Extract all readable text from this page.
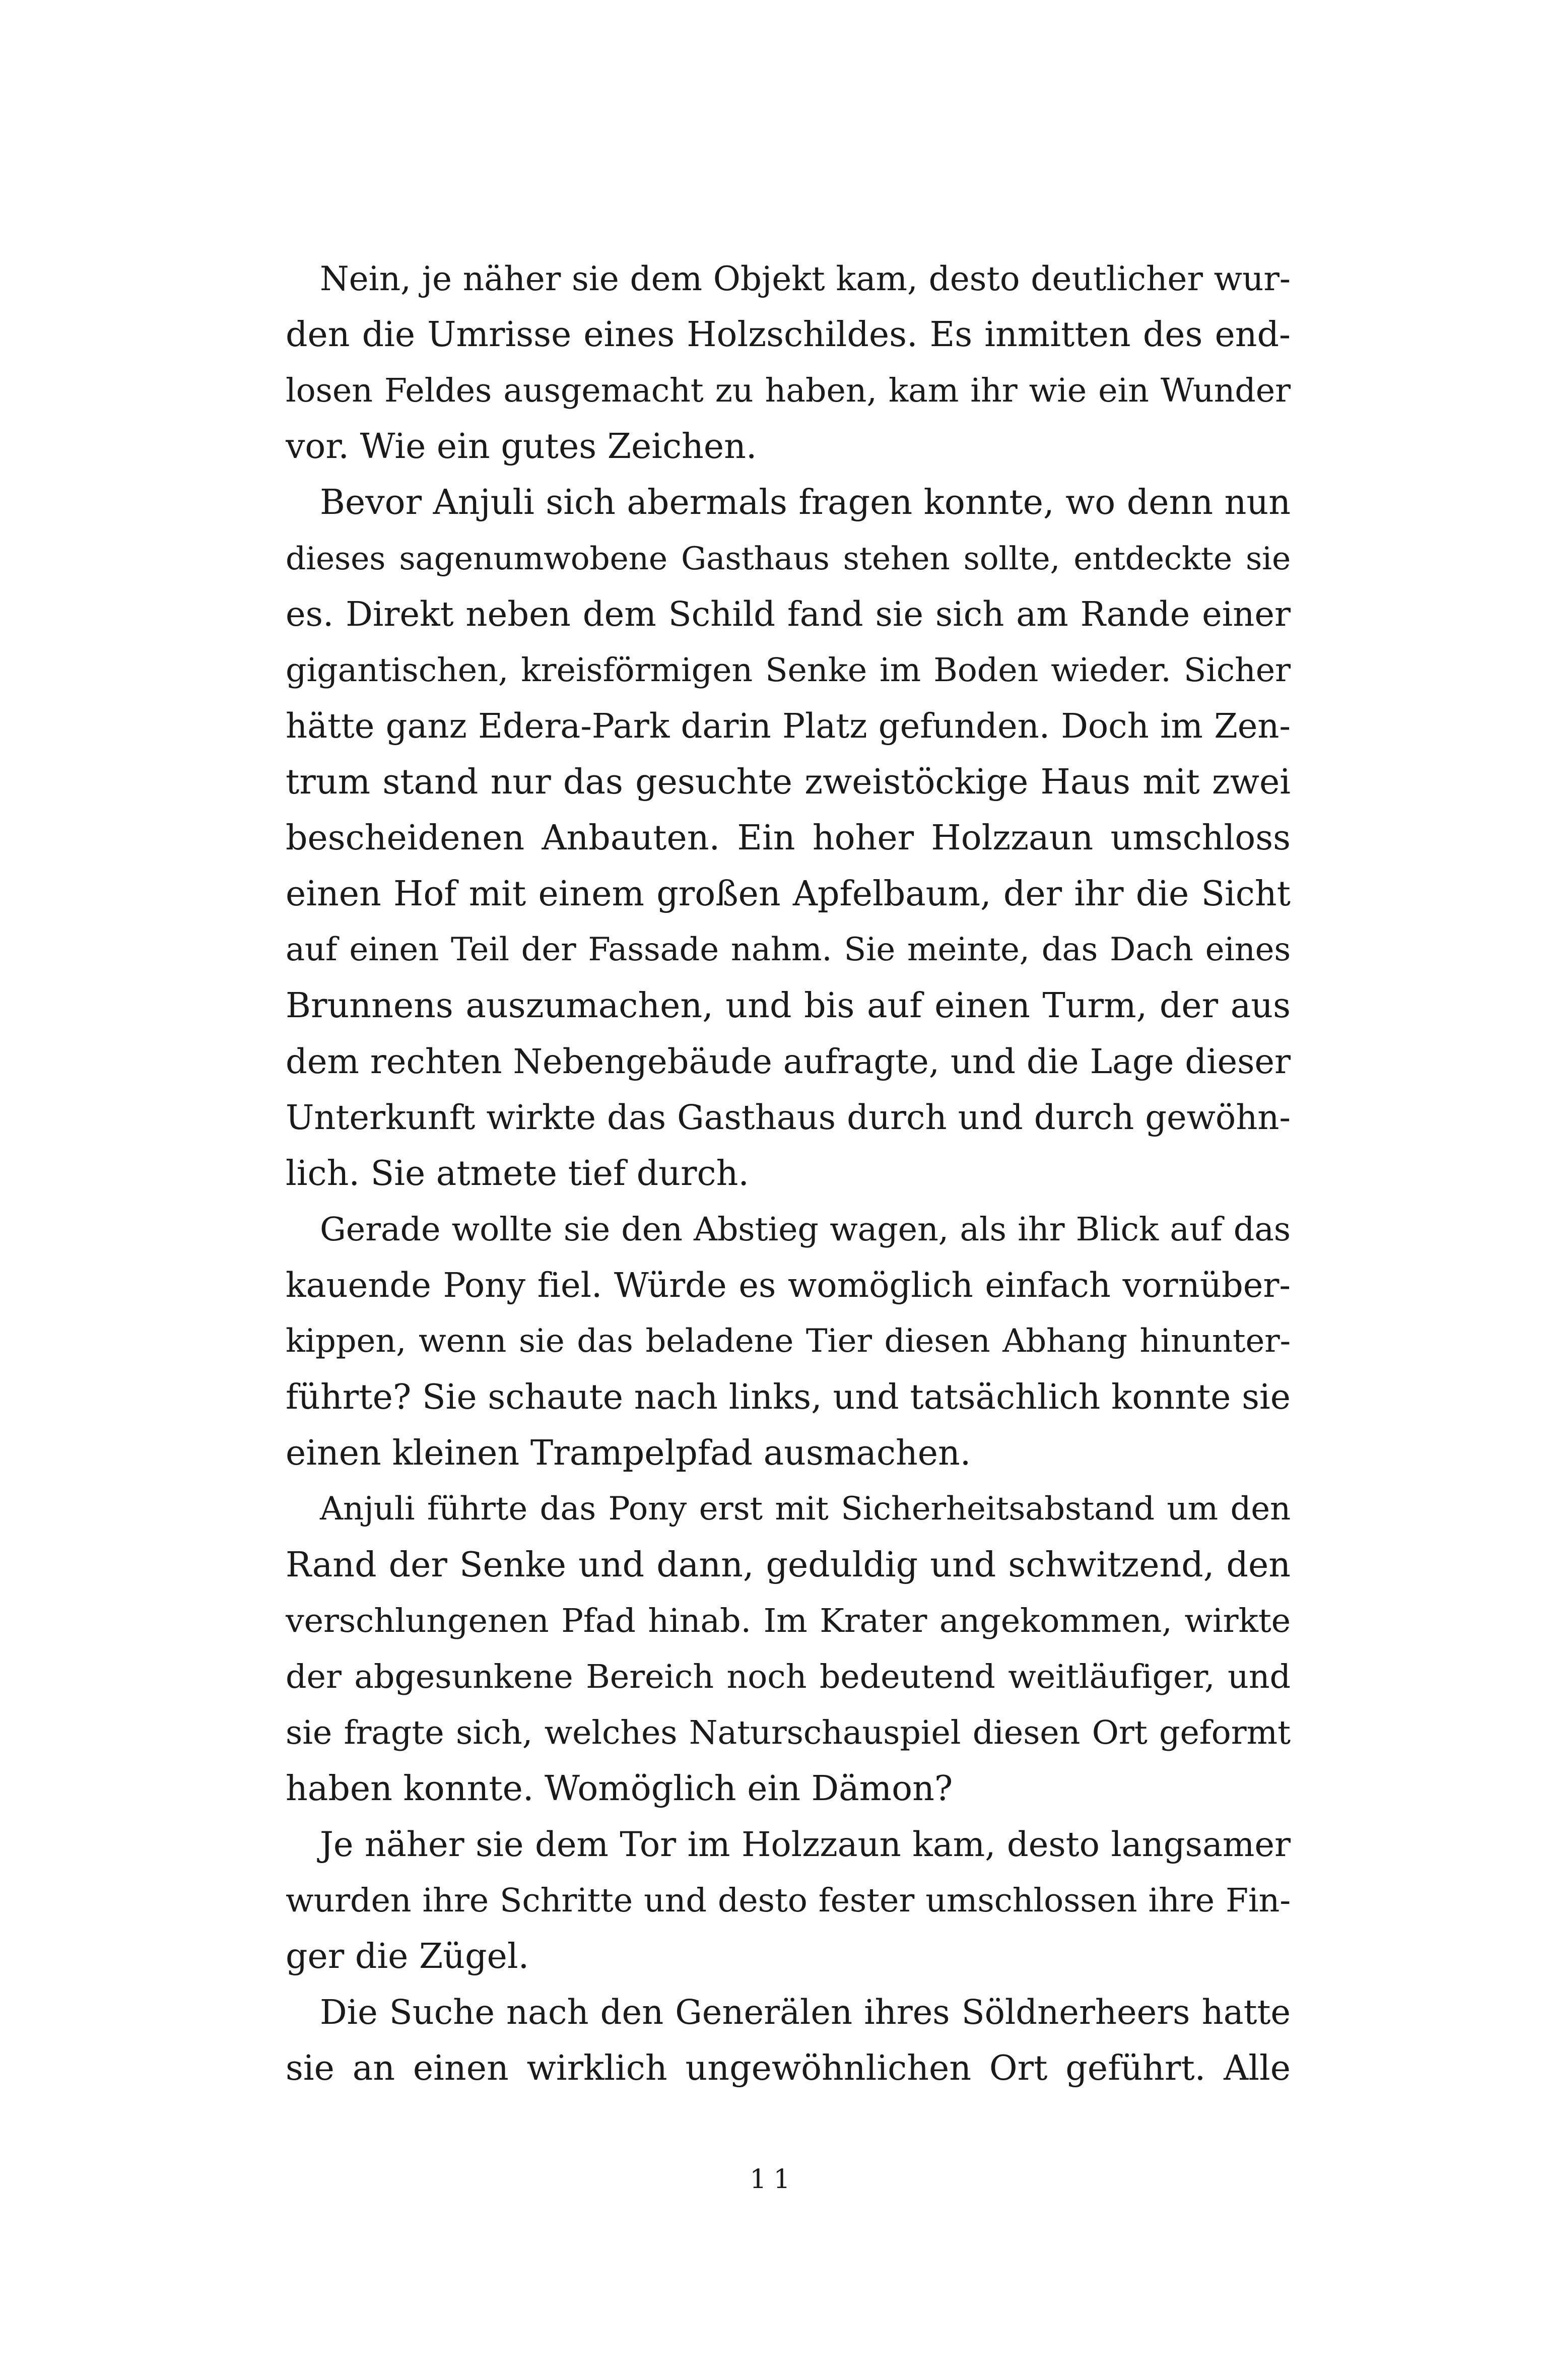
Nein, je näher sie dem Objekt kam, desto deutlicher wur-
den die Umrisse eines Holzschildes. Es inmitten des end-
losen Feldes ausgemacht zu haben, kam ihr wie ein Wunder
vor. Wie ein gutes Zeichen.
Bevor Anjuli sich abermals fragen konnte, wo denn nun
dieses sagenumwobene Gasthaus stehen sollte, entdeckte sie
es. Direkt neben dem Schild fand sie sich am Rande einer
gigantischen, kreisförmigen Senke im Boden wieder. Sicher
hätte ganz Edera-Park darin Platz gefunden. Doch im Zen-
trum stand nur das gesuchte zweistöckige Haus mit zwei
bescheidenen Anbauten. Ein hoher Holzzaun umschloss
einen Hof mit einem großen Apfelbaum, der ihr die Sicht
auf einen Teil der Fassade nahm. Sie meinte, das Dach eines
Brunnens auszumachen, und bis auf einen Turm, der aus
dem rechten Nebengebäude aufragte, und die Lage dieser
Unterkunft wirkte das Gasthaus durch und durch gewöhn-
lich. Sie atmete tief durch.
Gerade wollte sie den Abstieg wagen, als ihr Blick auf das
kauende Pony fiel. Würde es womöglich einfach vornüber-
kippen, wenn sie das beladene Tier diesen Abhang hinunter-
führte? Sie schaute nach links, und tatsächlich konnte sie
einen kleinen Trampelpfad ausmachen.
Anjuli führte das Pony erst mit Sicherheitsabstand um den
Rand der Senke und dann, geduldig und schwitzend, den
verschlungenen Pfad hinab. Im Krater angekommen, wirkte
der abgesunkene Bereich noch bedeutend weitläufiger, und
sie fragte sich, welches Naturschauspiel diesen Ort geformt
haben konnte. Womöglich ein Dämon?
Je näher sie dem Tor im Holzzaun kam, desto langsamer
wurden ihre Schritte und desto fester umschlossen ihre Fin-
ger die Zügel.
Die Suche nach den Generälen ihres Söldnerheers hatte
sie an einen wirklich ungewöhnlichen Ort geführt. Alle
11
